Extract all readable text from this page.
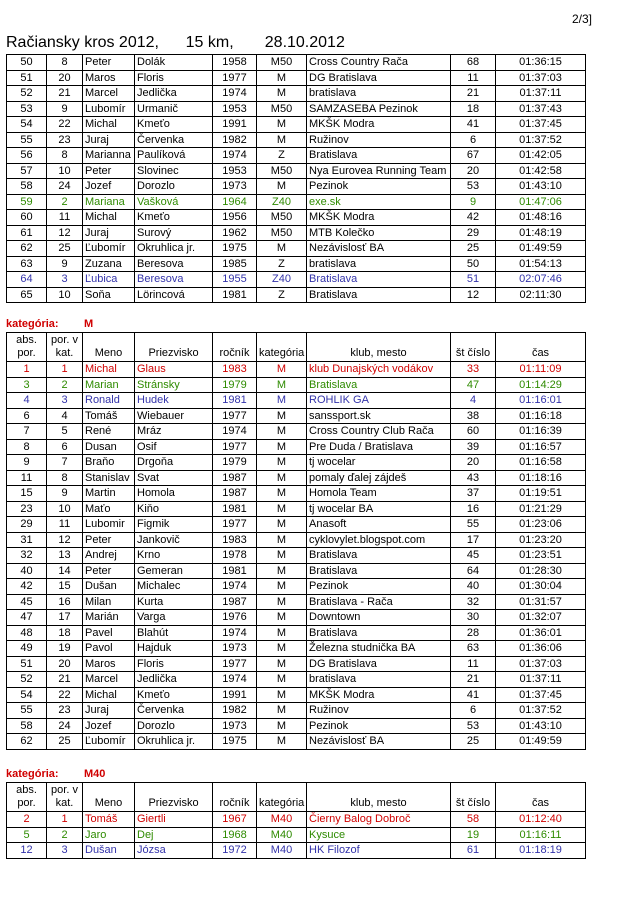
2/3]
Račiansky kros 2012,      15 km,       28.10.2012
50	8	Peter	Dolák	1958	M50	Cross Country Rača	68	01:36:15
51	20	Maros	Floris	1977	M	DG Bratislava	11	01:37:03
52	21	Marcel	Jedlička	1974	M	bratislava	21	01:37:11
53	9	Lubomír	Urmanič	1953	M50	SAMZASEBA Pezinok	18	01:37:43
54	22	Michal	Kmeťo	1991	M	MKŠK Modra	41	01:37:45
55	23	Juraj	Červenka	1982	M	Ružinov	6	01:37:52
56	8	Marianna	Paulíková	1974	Z	Bratislava	67	01:42:05
57	10	Peter	Slovinec	1953	M50	Nya Eurovea Running Team	20	01:42:58
58	24	Jozef	Dorozlo	1973	M	Pezinok	53	01:43:10
59	2	Mariana	Vašková	1964	Z40	exe.sk	9	01:47:06
60	11	Michal	Kmeťo	1956	M50	MKŠK Modra	42	01:48:16
61	12	Juraj	Surový	1962	M50	MTB Kolečko	29	01:48:19
62	25	Ľubomír	Okruhlica jr.	1975	M	Nezávislosť BA	25	01:49:59
63	9	Zuzana	Beresova	1985	Z	bratislava	50	01:54:13
64	3	Ľubica	Beresova	1955	Z40	Bratislava	51	02:07:46
65	10	Soňa	Lörincová	1981	Z	Bratislava	12	02:11:30
kategória: M
abs.
por.	por. v
kat.	Meno	Priezvisko	ročník	kategória	klub, mesto	št číslo	čas
1	1	Michal	Glaus	1983	M	klub Dunajských vodákov	33	01:11:09
3	2	Marian	Stránsky	1979	M	Bratislava	47	01:14:29
4	3	Ronald	Hudek	1981	M	ROHLIK GA	4	01:16:01
6	4	Tomáš	Wiebauer	1977	M	sanssport.sk	38	01:16:18
7	5	René	Mráz	1974	M	Cross Country Club Rača	60	01:16:39
8	6	Dusan	Osif	1977	M	Pre Duda / Bratislava	39	01:16:57
9	7	Braňo	Drgoňa	1979	M	tj wocelar	20	01:16:58
11	8	Stanislav	Svat	1987	M	pomaly ďalej zájdeš	43	01:18:16
15	9	Martin	Homola	1987	M	Homola Team	37	01:19:51
23	10	Maťo	Kiňo	1981	M	tj wocelar BA	16	01:21:29
29	11	Lubomir	Figmik	1977	M	Anasoft	55	01:23:06
31	12	Peter	Jankovič	1983	M	cyklovylet.blogspot.com	17	01:23:20
32	13	Andrej	Krno	1978	M	Bratislava	45	01:23:51
40	14	Peter	Gemeran	1981	M	Bratislava	64	01:28:30
42	15	Dušan	Michalec	1974	M	Pezinok	40	01:30:04
45	16	Milan	Kurta	1987	M	Bratislava - Rača	32	01:31:57
47	17	Marián	Varga	1976	M	Downtown	30	01:32:07
48	18	Pavel	Blahút	1974	M	Bratislava	28	01:36:01
49	19	Pavol	Hajduk	1973	M	Železna studnička BA	63	01:36:06
51	20	Maros	Floris	1977	M	DG Bratislava	11	01:37:03
52	21	Marcel	Jedlička	1974	M	bratislava	21	01:37:11
54	22	Michal	Kmeťo	1991	M	MKŠK Modra	41	01:37:45
55	23	Juraj	Červenka	1982	M	Ružinov	6	01:37:52
58	24	Jozef	Dorozlo	1973	M	Pezinok	53	01:43:10
62	25	Ľubomír	Okruhlica jr.	1975	M	Nezávislosť BA	25	01:49:59
kategória: M40
abs.
por.	por. v
kat.	Meno	Priezvisko	ročník	kategória	klub, mesto	št číslo	čas
2	1	Tomáš	Giertli	1967	M40	Čierny Balog Dobroč	58	01:12:40
5	2	Jaro	Dej	1968	M40	Kysuce	19	01:16:11
12	3	Dušan	Józsa	1972	M40	HK Filozof	61	01:18:19
